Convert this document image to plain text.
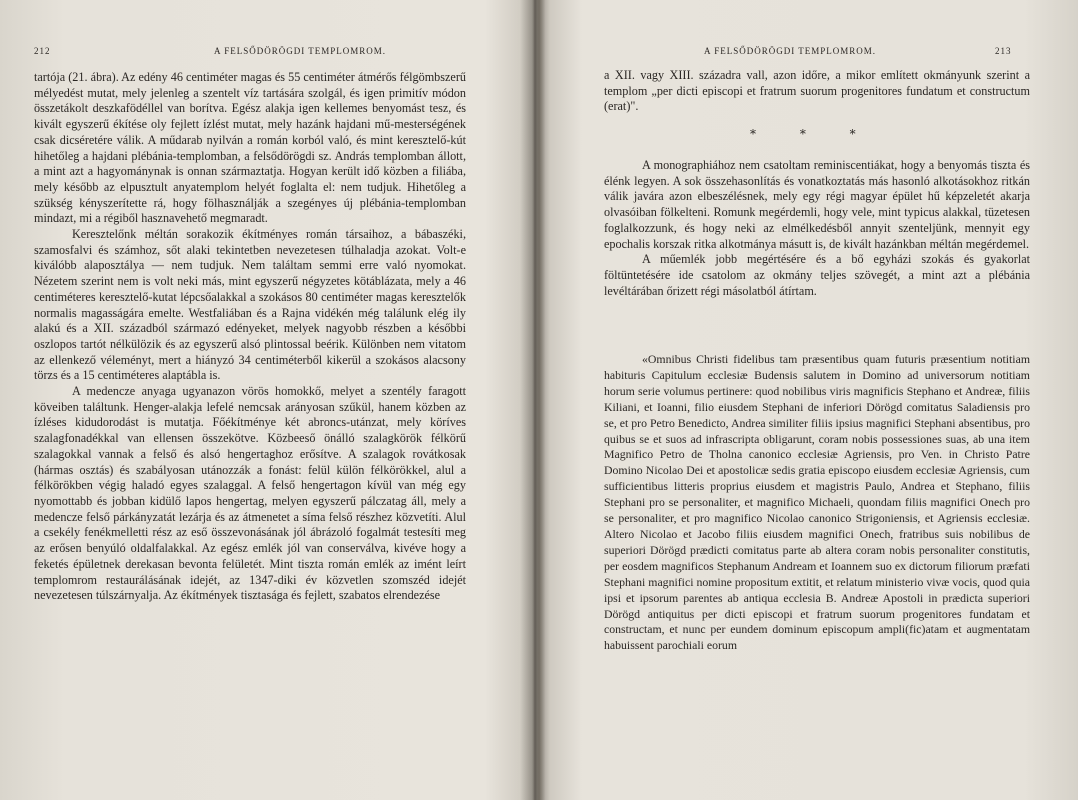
212	A FELSŐDÖRÖGDI TEMPLOMROM.

tartója (21. ábra). Az edény 46 centiméter magas és 55 centiméter átmérős félgömbszerű mélyedést mutat, mely jelenleg a szentelt víz tartására szolgál, és igen primitív módon összetákolt deszkafödéllel van borítva. Egész alakja igen kellemes benyomást tesz, és kivált egyszerű ékítése oly fejlett ízlést mutat, mely hazánk hajdani mű-mesterségének csak dicséretére válik. A műdarab nyilván a román korból való, és mint keresztelő-kút hihetőleg a hajdani plébánia-templomban, a felsődörögdi sz. András templomban állott, a mint azt a hagyománynak is onnan származtatja. Hogyan került idő közben a filiába, mely később az elpusztult anyatemplom helyét foglalta el: nem tudjuk. Hihetőleg a szükség kényszerítette rá, hogy fölhasználják a szegényes új plébánia-templomban mindazt, mi a régiből hasznavehető megmaradt.

Keresztelőnk méltán sorakozik ékítményes román társaihoz, a bábaszéki, szamosfalvi és számhoz, sőt alaki tekintetben nevezetesen túlhaladja azokat. Volt-e kiválóbb alaposztálya — nem tudjuk. Nem találtam semmi erre való nyomokat. Nézetem szerint nem is volt neki más, mint egyszerű négyzetes kötáblázata, mely a 46 centiméteres keresztelő-kutat lépcsőalakkal a szokásos 80 centiméter magas keresztelők normalis magasságára emelte. Westfaliában és a Rajna vidékén még találunk elég ily alakú és a XII. századból származó edényeket, melyek nagyobb részben a későbbi oszlopos tartót nélkülözik és az egyszerű alsó plintossal beérik. Különben nem vitatom az ellenkező véleményt, mert a hiányzó 34 centiméterből kikerül a szokásos alacsony törzs és a 15 centiméteres alaptábla is.

A medencze anyaga ugyanazon vörös homokkő, melyet a szentély faragott köveiben találtunk. Henger-alakja lefelé nemcsak arányosan szűkül, hanem közben az ízléses kidudorodást is mutatja. Főékítménye két abroncs-utánzat, mely köríves szalagfonadékkal van ellensen összekötve. Közbeeső önálló szalagkörök félkörű szalagokkal vannak a felső és alsó hengertaghoz erősítve. A szalagok rovátkosak (hármas osztás) és szabályosan utánozzák a fonást: felül külön félkörökkel, alul a félkörökben végig haladó egyes szalaggal. A felső hengertagon kívül van még egy nyomottabb és jobban kidülő lapos hengertag, melyen egyszerű pálczatag áll, mely a medencze felső párkányzatát lezárja és az átmenetet a síma felső részhez közvetíti. Alul a csekély fenékmelletti rész az eső összevonásának jól ábrázoló fogalmát testesíti meg az erősen benyúló oldalfalakkal. Az egész emlék jól van conserválva, kivéve hogy a feketés épületnek derekasan bevonta felületét. Mint tiszta román emlék az imént leírt templomrom restaurálásának idejét, az 1347-diki év közvetlen szomszéd idejét nevezetesen túlszárnyalja. Az ékítmények tisztasága és fejlett, szabatos elrendezése

A FELSŐDÖRÖGDI TEMPLOMROM.	213

a XII. vagy XIII. századra vall, azon időre, a mikor említett okmányunk szerint a templom „per dicti episcopi et fratrum suorum progenitores fundatum et constructum (erat)".

* * *

A monographiához nem csatoltam reminiscentiákat, hogy a benyomás tiszta és élénk legyen. A sok összehasonlítás és vonatkoztatás más hasonló alkotásokhoz ritkán válik javára azon elbeszélésnek, mely egy régi magyar épület hű képzeletét akarja olvasóiban fölkelteni. Romunk megérdemli, hogy vele, mint typicus alakkal, tüzetesen foglalkozzunk, és hogy neki az elmélkedésből annyit szenteljünk, mennyit egy epochalis korszak ritka alkotmánya másutt is, de kivált hazánkban méltán megérdemel.

A műemlék jobb megértésére és a bő egyházi szokás és gyakorlat föltüntetésére ide csatolom az okmány teljes szövegét, a mint azt a plébánia levéltárában őrizett régi másolatból átírtam.

«Omnibus Christi fidelibus tam præsentibus quam futuris præsentium notitiam habituris Capitulum ecclesiæ Budensis salutem in Domino ad universorum notitiam horum serie volumus pertinere: quod nobilibus viris magnificis Stephano et Andreæ, filiis Kiliani, et Ioanni, filio eiusdem Stephani de inferiori Dörögd comitatus Saladiensis pro se, et pro Petro Benedicto, Andrea similiter filiis ipsius magnifici Stephani absentibus, pro quibus se et suos ad infrascripta obligarunt, coram nobis possessiones suas, ab una item Magnifico Petro de Tholna canonico ecclesiæ Agriensis, pro Ven. in Christo Patre Domino Nicolao Dei et apostolicæ sedis gratia episcopo eiusdem ecclesiæ Agriensis, cum sufficientibus litteris proprius eiusdem et magistris Paulo, Andrea et Stephano, filiis Stephani pro se personaliter, et magnifico Michaeli, quondam filiis magnifici Onech pro se personaliter, et pro magnifico Nicolao canonico Strigoniensis, et Agriensis ecclesiæ. Altero Nicolao et Jacobo filiis eiusdem magnifici Onech, fratribus suis nobilibus de superiori Dörögd prædicti comitatus parte ab altera coram nobis personaliter constitutis, per eosdem magnificos Stephanum Andream et Ioannem suo ex dictorum filiorum præfati Stephani magnifici nomine propositum extitit, et relatum ministerio vivæ vocis, quod quia ipsi et ipsorum parentes ab antiqua ecclesia B. Andreæ Apostoli in prædicta superiori Dörögd antiquitus per dicti episcopi et fratrum suorum progenitores fundatam et constructam, et nunc per eundem dominum episcopum ampli(fic)atam et augmentatam habuissent parochiali eorum
